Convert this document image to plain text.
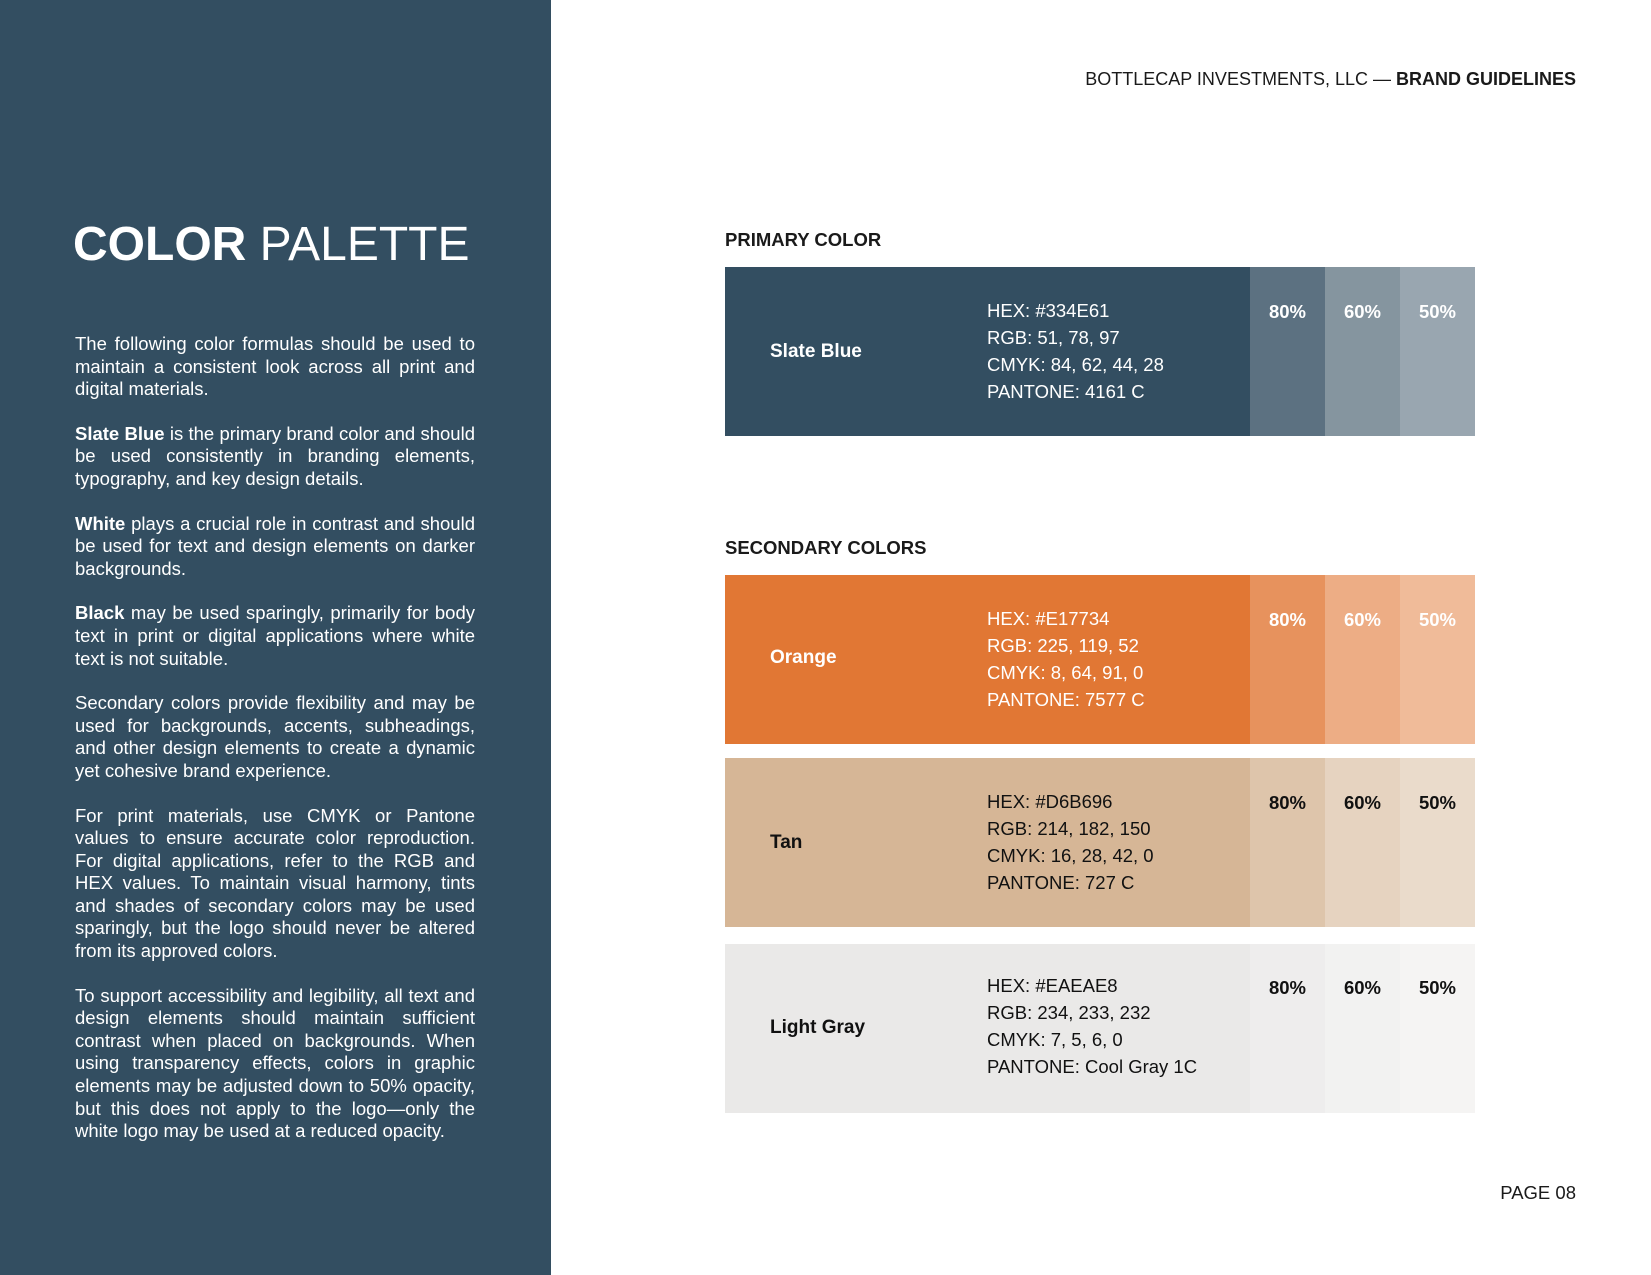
COLOR PALETTE

The following color formulas should be used to maintain a consistent look across all print and digital materials.

Slate Blue is the primary brand color and should be used consistently in branding elements, typography, and key design details.

White plays a crucial role in contrast and should be used for text and design elements on darker backgrounds.

Black may be used sparingly, primarily for body text in print or digital applications where white text is not suitable.

Secondary colors provide flexibility and may be used for backgrounds, accents, subheadings, and other design elements to create a dynamic yet cohesive brand experience.

For print materials, use CMYK or Pantone values to ensure accurate color reproduction. For digital applications, refer to the RGB and HEX values. To maintain visual harmony, tints and shades of secondary colors may be used sparingly, but the logo should never be altered from its approved colors.

To support accessibility and legibility, all text and design elements should maintain sufficient contrast when placed on backgrounds. When using transparency effects, colors in graphic elements may be adjusted down to 50% opacity, but this does not apply to the logo—only the white logo may be used at a reduced opacity.

BOTTLECAP INVESTMENTS, LLC — BRAND GUIDELINES
PRIMARY COLOR
SECONDARY COLORS
Slate Blue
HEX: #334E61
RGB: 51, 78, 97
CMYK: 84, 62, 44, 28
PANTONE: 4161 C
80%	60%	50%
Orange
HEX: #E17734
RGB: 225, 119, 52
CMYK: 8, 64, 91, 0
PANTONE: 7577 C
80%	60%	50%
Tan
HEX: #D6B696
RGB: 214, 182, 150
CMYK: 16, 28, 42, 0
PANTONE: 727 C
80%	60%	50%
Light Gray
HEX: #EAEAE8
RGB: 234, 233, 232
CMYK: 7, 5, 6, 0
PANTONE: Cool Gray 1C
80%	60%	50%
PAGE 08
